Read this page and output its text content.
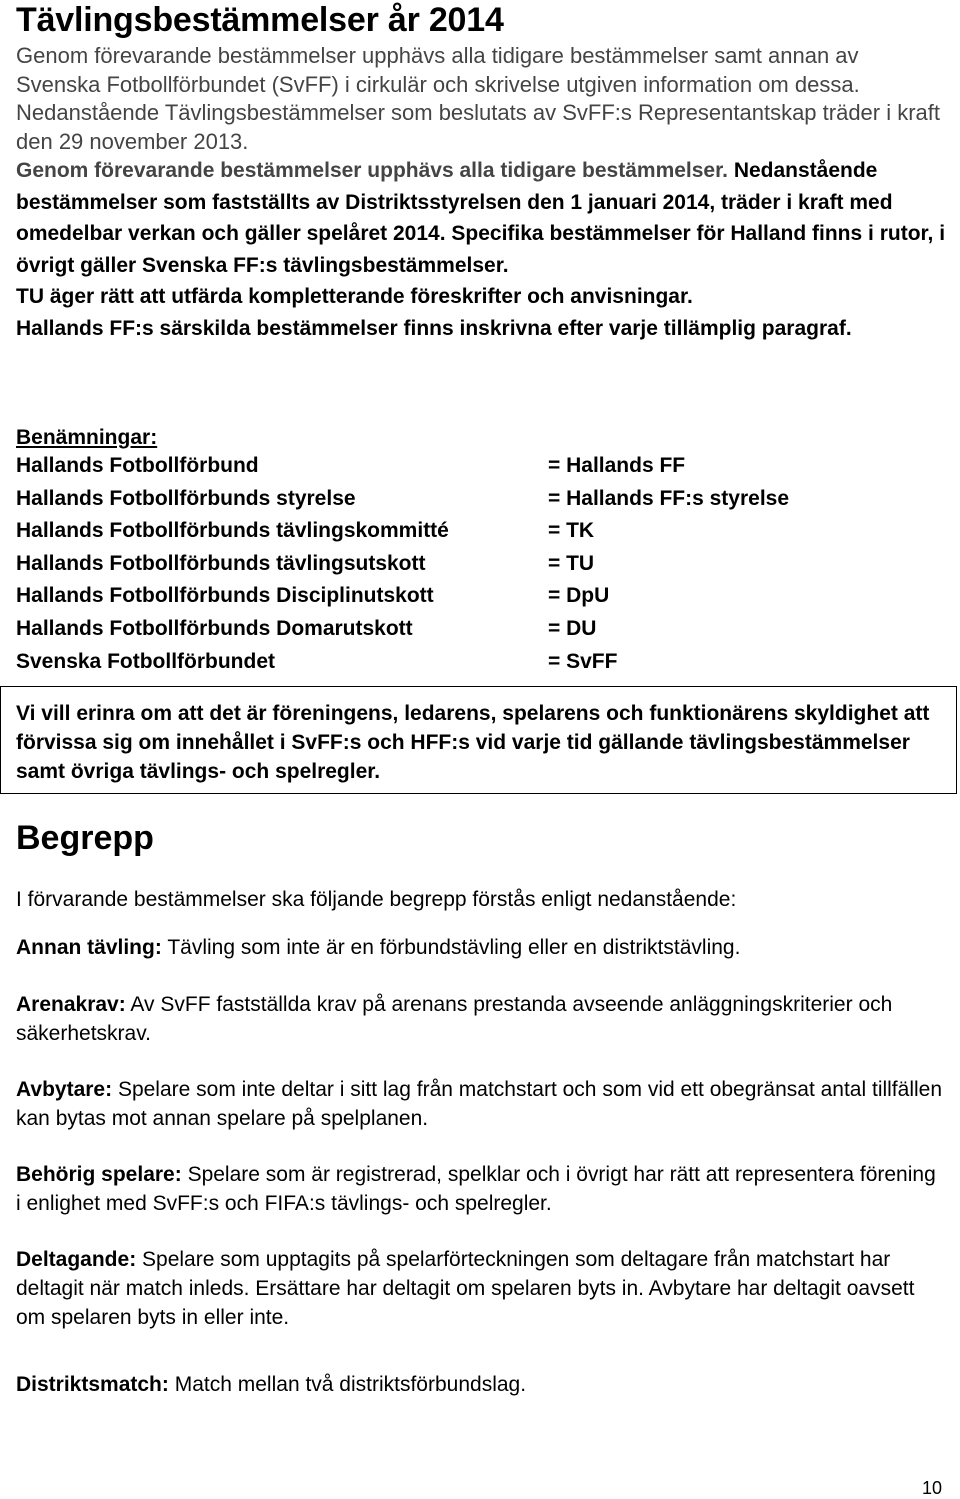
Tävlingsbestämmelser år 2014
Genom förevarande bestämmelser upphävs alla tidigare bestämmelser samt annan av Svenska Fotbollförbundet (SvFF) i cirkulär och skrivelse utgiven information om dessa. Nedanstående Tävlingsbestämmelser som beslutats av SvFF:s Representantskap träder i kraft den 29 november 2013.
Genom förevarande bestämmelser upphävs alla tidigare bestämmelser. Nedanstående bestämmelser som fastställts av Distriktsstyrelsen den 1 januari 2014, träder i kraft med omedelbar verkan och gäller spelåret 2014. Specifika bestämmelser för Halland finns i rutor, i övrigt gäller Svenska FF:s tävlingsbestämmelser.
TU äger rätt att utfärda kompletterande föreskrifter och anvisningar.
Hallands FF:s särskilda bestämmelser finns inskrivna efter varje tillämplig paragraf.
Benämningar:
Hallands Fotbollförbund	= Hallands FF
Hallands Fotbollförbunds styrelse	= Hallands FF:s styrelse
Hallands Fotbollförbunds tävlingskommitté	= TK
Hallands Fotbollförbunds tävlingsutskott	= TU
Hallands Fotbollförbunds Disciplinutskott	= DpU
Hallands Fotbollförbunds Domarutskott	= DU
Svenska Fotbollförbundet	= SvFF
Vi vill erinra om att det är föreningens, ledarens, spelarens och funktionärens skyldighet att förvissa sig om innehållet i SvFF:s och HFF:s vid varje tid gällande tävlingsbestämmelser samt övriga tävlings- och spelregler.
Begrepp
I förvarande bestämmelser ska följande begrepp förstås enligt nedanstående:
Annan tävling: Tävling som inte är en förbundstävling eller en distriktstävling.
Arenakrav: Av SvFF fastställda krav på arenans prestanda avseende anläggningskriterier och säkerhetskrav.
Avbytare: Spelare som inte deltar i sitt lag från matchstart och som vid ett obegränsat antal tillfällen kan bytas mot annan spelare på spelplanen.
Behörig spelare: Spelare som är registrerad, spelklar och i övrigt har rätt att representera förening i enlighet med SvFF:s och FIFA:s tävlings- och spelregler.
Deltagande: Spelare som upptagits på spelarförteckningen som deltagare från matchstart har deltagit när match inleds. Ersättare har deltagit om spelaren byts in. Avbytare har deltagit oavsett om spelaren byts in eller inte.
Distriktsmatch: Match mellan två distriktsförbundslag.
10
